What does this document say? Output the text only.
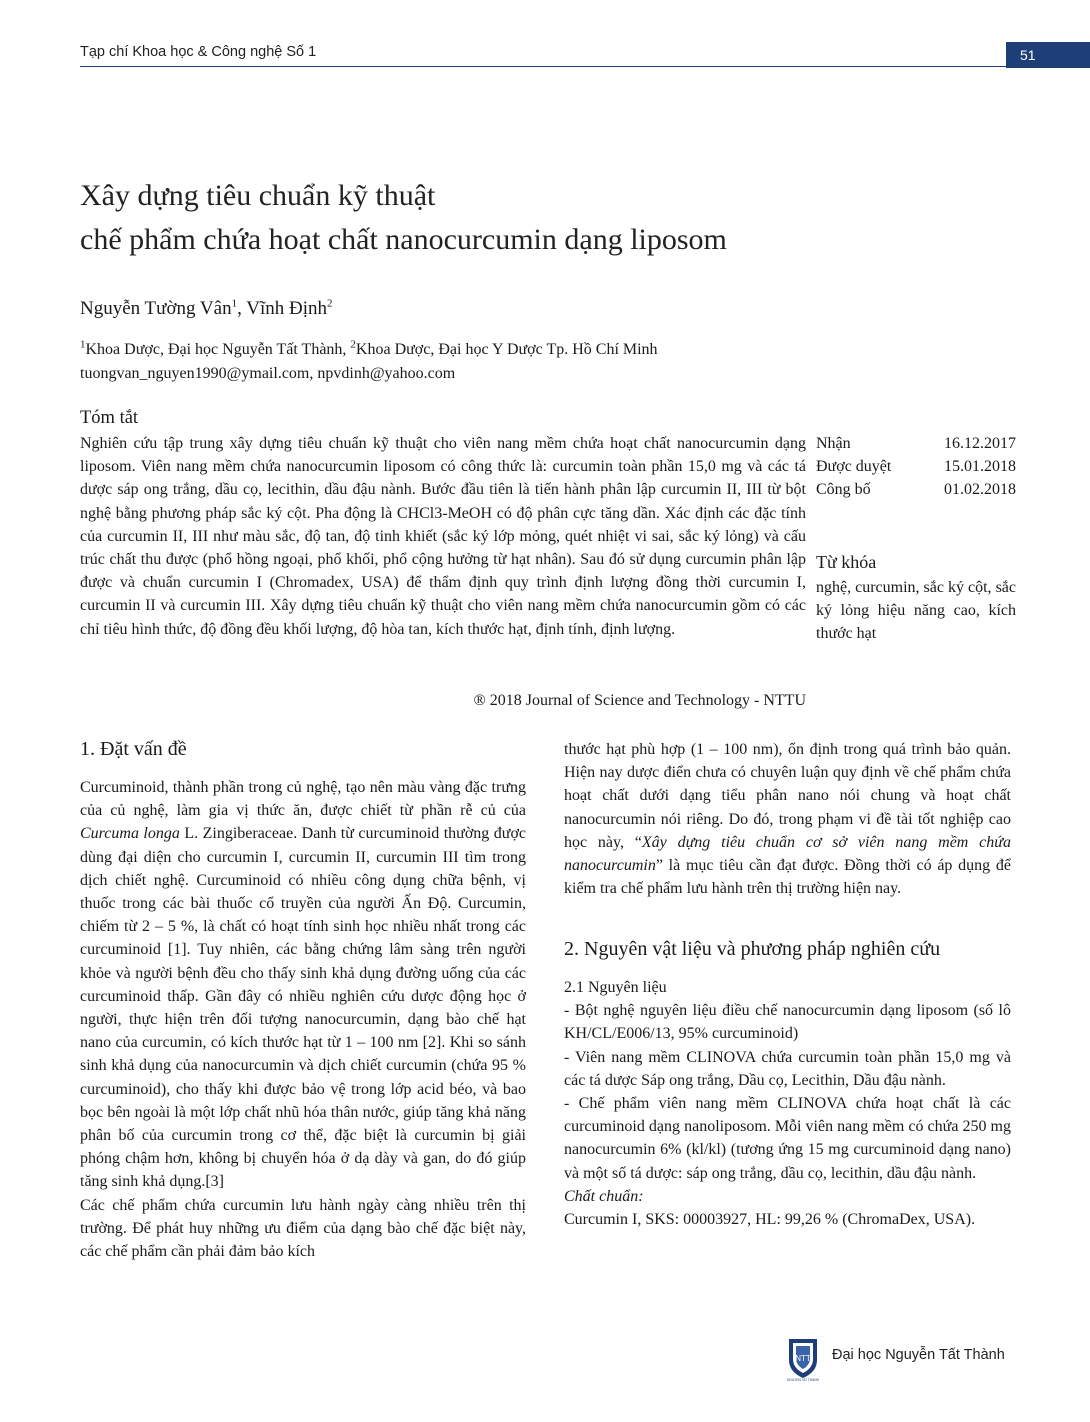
Tạp chí Khoa học & Công nghệ Số 1	51
Xây dựng tiêu chuẩn kỹ thuật
chế phẩm chứa hoạt chất nanocurcumin dạng liposom
Nguyễn Tường Vân$^1$, Vĩnh Định$^2$
$^1$Khoa Dược, Đại học Nguyễn Tất Thành, $^2$Khoa Dược, Đại học Y Dược Tp. Hồ Chí Minh
tuongvan_nguyen1990@ymail.com, npvdinh@yahoo.com
Tóm tắt
Nghiên cứu tập trung xây dựng tiêu chuẩn kỹ thuật cho viên nang mềm chứa hoạt chất nanocurcumin dạng liposom. Viên nang mềm chứa nanocurcumin liposom có công thức là: curcumin toàn phần 15,0 mg và các tá dược sáp ong trắng, dầu cọ, lecithin, dầu đậu nành. Bước đầu tiên là tiến hành phân lập curcumin II, III từ bột nghệ bằng phương pháp sắc ký cột. Pha động là CHCl3-MeOH có độ phân cực tăng dần. Xác định các đặc tính của curcumin II, III như màu sắc, độ tan, độ tinh khiết (sắc ký lớp mỏng, quét nhiệt vi sai, sắc ký lỏng) và cấu trúc chất thu được (phổ hồng ngoại, phổ khối, phổ cộng hưởng từ hạt nhân). Sau đó sử dụng curcumin phân lập được và chuẩn curcumin I (Chromadex, USA) để thẩm định quy trình định lượng đồng thời curcumin I, curcumin II và curcumin III. Xây dựng tiêu chuẩn kỹ thuật cho viên nang mềm chứa nanocurcumin gồm có các chỉ tiêu hình thức, độ đồng đều khối lượng, độ hòa tan, kích thước hạt, định tính, định lượng.
® 2018 Journal of Science and Technology - NTTU
Nhận	16.12.2017
Được duyệt	15.01.2018
Công bố	01.02.2018
Từ khóa
nghệ, curcumin, sắc ký cột, sắc ký lỏng hiệu năng cao, kích thước hạt
1. Đặt vấn đề

Curcuminoid, thành phần trong củ nghệ, tạo nên màu vàng đặc trưng của củ nghệ, làm gia vị thức ăn, được chiết từ phần rễ củ của Curcuma longa L. Zingiberaceae. Danh từ curcuminoid thường được dùng đại diện cho curcumin I, curcumin II, curcumin III tìm trong dịch chiết nghệ. Curcuminoid có nhiều công dụng chữa bệnh, vị thuốc trong các bài thuốc cổ truyền của người Ấn Độ. Curcumin, chiếm từ 2 – 5 %, là chất có hoạt tính sinh học nhiều nhất trong các curcuminoid [1]. Tuy nhiên, các bằng chứng lâm sàng trên người khỏe và người bệnh đều cho thấy sinh khả dụng đường uống của các curcuminoid thấp. Gần đây có nhiều nghiên cứu dược động học ở người, thực hiện trên đối tượng nanocurcumin, dạng bào chế hạt nano của curcumin, có kích thước hạt từ 1 – 100 nm [2]. Khi so sánh sinh khả dụng của nanocurcumin và dịch chiết curcumin (chứa 95 % curcuminoid), cho thấy khi được bảo vệ trong lớp acid béo, và bao bọc bên ngoài là một lớp chất nhũ hóa thân nước, giúp tăng khả năng phân bố của curcumin trong cơ thể, đặc biệt là curcumin bị giải phóng chậm hơn, không bị chuyển hóa ở dạ dày và gan, do đó giúp tăng sinh khả dụng.[3]

Các chế phẩm chứa curcumin lưu hành ngày càng nhiều trên thị trường. Để phát huy những ưu điểm của dạng bào chế đặc biệt này, các chế phẩm cần phải đảm bảo kích

thước hạt phù hợp (1 – 100 nm), ổn định trong quá trình bảo quản. Hiện nay dược điển chưa có chuyên luận quy định về chế phẩm chứa hoạt chất dưới dạng tiểu phân nano nói chung và hoạt chất nanocurcumin nói riêng. Do đó, trong phạm vi đề tài tốt nghiệp cao học này, “Xây dựng tiêu chuẩn cơ sở viên nang mềm chứa nanocurcumin” là mục tiêu cần đạt được. Đồng thời có áp dụng để kiểm tra chế phẩm lưu hành trên thị trường hiện nay.

2. Nguyên vật liệu và phương pháp nghiên cứu

2.1 Nguyên liệu

- Bột nghệ nguyên liệu điều chế nanocurcumin dạng liposom (số lô KH/CL/E006/13, 95% curcuminoid)

- Viên nang mềm CLINOVA chứa curcumin toàn phần 15,0 mg và các tá dược Sáp ong trắng, Dầu cọ, Lecithin, Dầu đậu nành.

- Chế phẩm viên nang mềm CLINOVA chứa hoạt chất là các curcuminoid dạng nanoliposom. Mỗi viên nang mềm có chứa 250 mg nanocurcumin 6% (kl/kl) (tương ứng 15 mg curcuminoid dạng nano) và một số tá dược: sáp ong trắng, dầu cọ, lecithin, dầu đậu nành.

Chất chuẩn:

Curcumin I, SKS: 00003927, HL: 99,26 % (ChromaDex, USA).

NTT
NGUYEN TAT THANH
Đại học Nguyễn Tất Thành
